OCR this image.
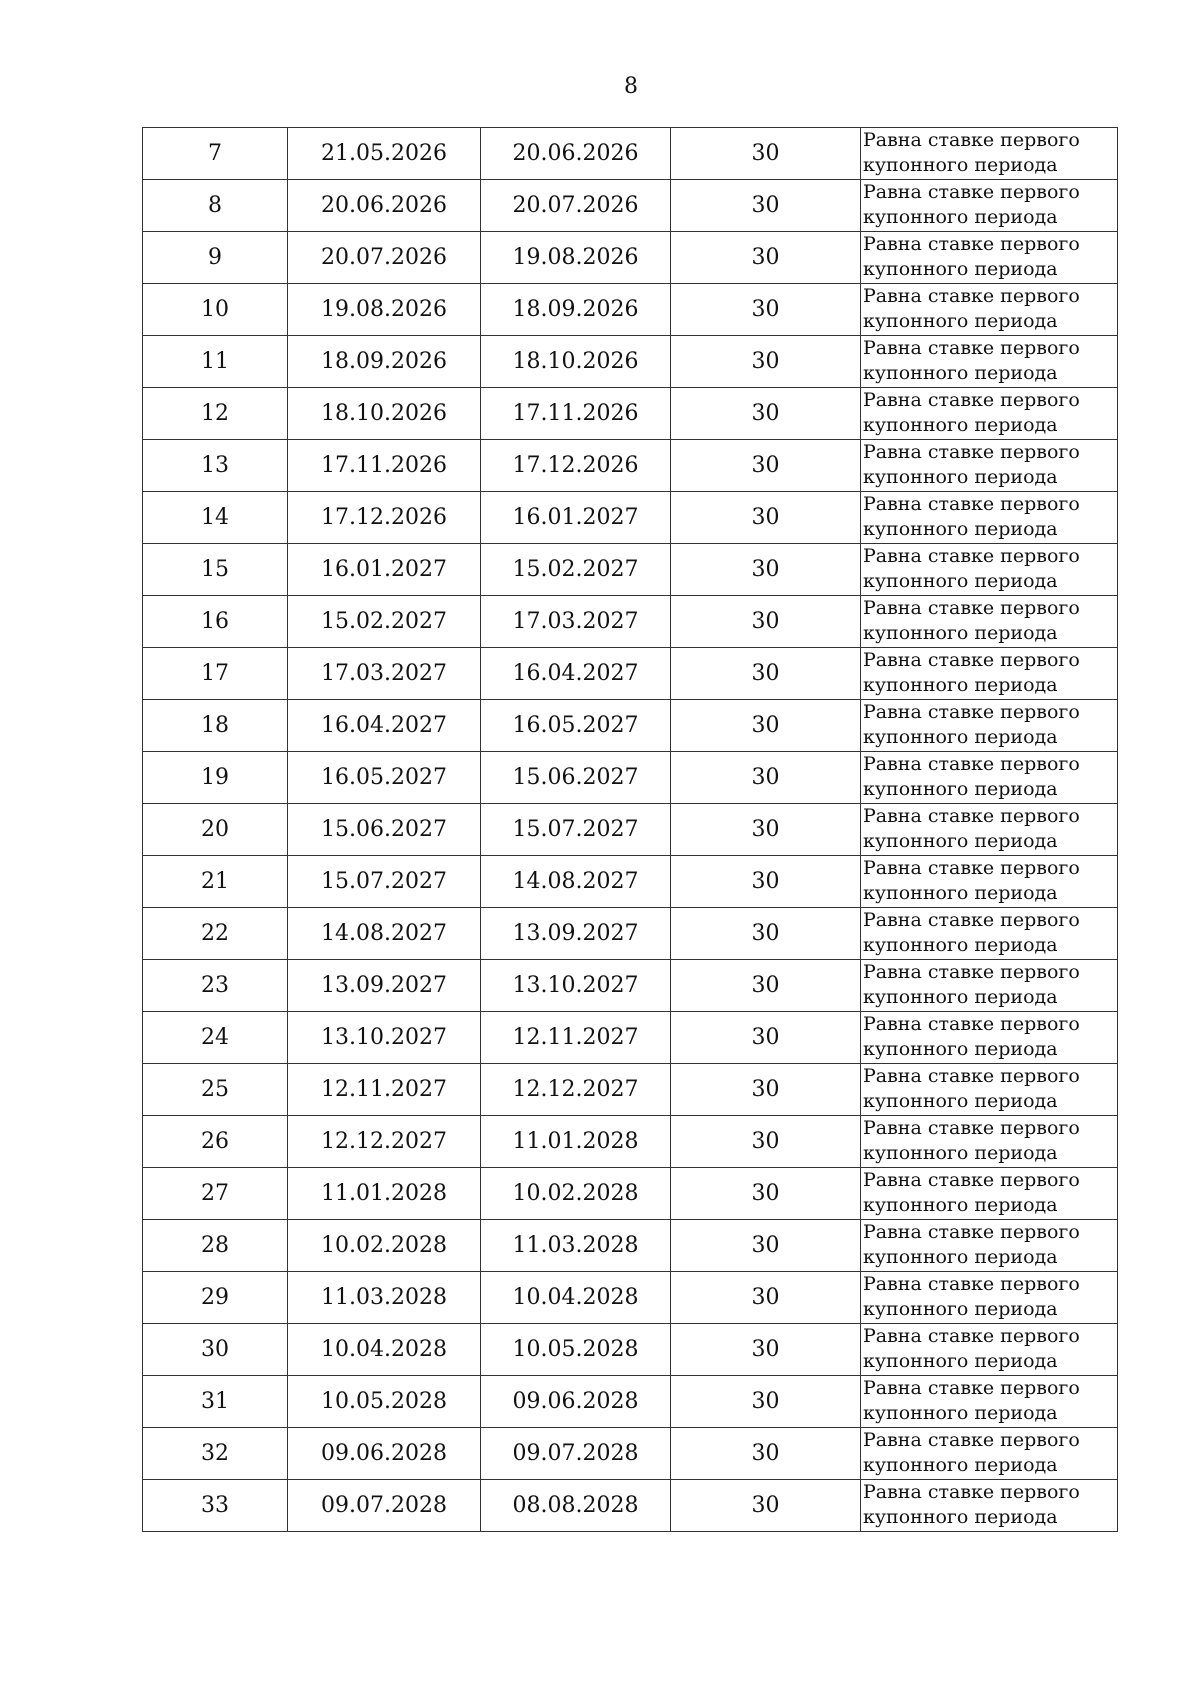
8
7	21.05.2026	20.06.2026	30	Равна ставке первого
купонного периода

8	20.06.2026	20.07.2026	30	Равна ставке первого
купонного периода

9	20.07.2026	19.08.2026	30	Равна ставке первого
купонного периода

10	19.08.2026	18.09.2026	30	Равна ставке первого
купонного периода

11	18.09.2026	18.10.2026	30	Равна ставке первого
купонного периода

12	18.10.2026	17.11.2026	30	Равна ставке первого
купонного периода

13	17.11.2026	17.12.2026	30	Равна ставке первого
купонного периода

14	17.12.2026	16.01.2027	30	Равна ставке первого
купонного периода

15	16.01.2027	15.02.2027	30	Равна ставке первого
купонного периода

16	15.02.2027	17.03.2027	30	Равна ставке первого
купонного периода

17	17.03.2027	16.04.2027	30	Равна ставке первого
купонного периода

18	16.04.2027	16.05.2027	30	Равна ставке первого
купонного периода

19	16.05.2027	15.06.2027	30	Равна ставке первого
купонного периода

20	15.06.2027	15.07.2027	30	Равна ставке первого
купонного периода

21	15.07.2027	14.08.2027	30	Равна ставке первого
купонного периода

22	14.08.2027	13.09.2027	30	Равна ставке первого
купонного периода

23	13.09.2027	13.10.2027	30	Равна ставке первого
купонного периода

24	13.10.2027	12.11.2027	30	Равна ставке первого
купонного периода

25	12.11.2027	12.12.2027	30	Равна ставке первого
купонного периода

26	12.12.2027	11.01.2028	30	Равна ставке первого
купонного периода

27	11.01.2028	10.02.2028	30	Равна ставке первого
купонного периода

28	10.02.2028	11.03.2028	30	Равна ставке первого
купонного периода

29	11.03.2028	10.04.2028	30	Равна ставке первого
купонного периода

30	10.04.2028	10.05.2028	30	Равна ставке первого
купонного периода

31	10.05.2028	09.06.2028	30	Равна ставке первого
купонного периода

32	09.06.2028	09.07.2028	30	Равна ставке первого
купонного периода

33	09.07.2028	08.08.2028	30	Равна ставке первого
купонного периода
